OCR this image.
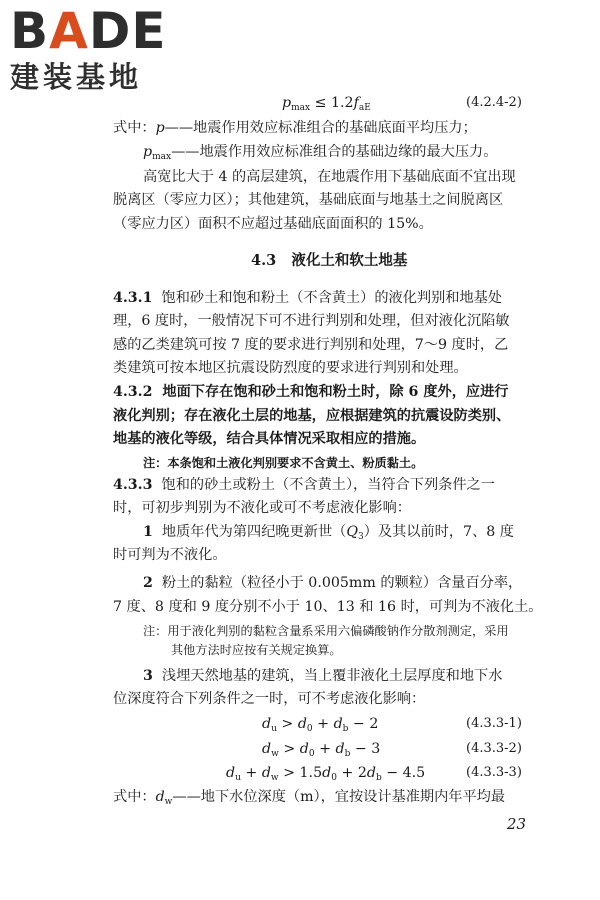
BADE
建装基地
$p_{max} \le 1.2f_{aE}$	(4.2.4-2)
式中：p——地震作用效应标准组合的基础底面平均压力；
$p_{max}——$地震作用效应标准组合的基础边缘的最大压力。
高宽比大于 4 的高层建筑，在地震作用下基础底面不宜出现
脱离区（零应力区）；其他建筑，基础底面与地基土之间脱离区
（零应力区）面积不应超过基础底面面积的 15%。
4.3 液化土和软土地基
4.3.1 饱和砂土和饱和粉土（不含黄土）的液化判别和地基处
理，6 度时，一般情况下可不进行判别和处理，但对液化沉陷敏
感的乙类建筑可按 7 度的要求进行判别和处理，7～9 度时，乙
类建筑可按本地区抗震设防烈度的要求进行判别和处理。
4.3.2 地面下存在饱和砂土和饱和粉土时，除 6 度外，应进行
液化判别；存在液化土层的地基，应根据建筑的抗震设防类别、
地基的液化等级，结合具体情况采取相应的措施。
注：本条饱和土液化判别要求不含黄土、粉质黏土。
4.3.3 饱和的砂土或粉土（不含黄土），当符合下列条件之一
时，可初步判别为不液化或可不考虑液化影响：
1 地质年代为第四纪晚更新世$(Q_3)$及其以前时，7、8 度
时可判为不液化。
2 粉土的黏粒（粒径小于 0.005mm 的颗粒）含量百分率，
7 度、8 度和 9 度分别不小于 10、13 和 16 时，可判为不液化土。
注：用于液化判别的黏粒含量系采用六偏磷酸钠作分散剂测定，采用
其他方法时应按有关规定换算。
3 浅埋天然地基的建筑，当上覆非液化土层厚度和地下水
位深度符合下列条件之一时，可不考虑液化影响：
$d_u > d_0 + d_b - 2$	(4.3.3-1)
$d_w > d_0 + d_b - 3$	(4.3.3-2)
$d_u + d_w > 1.5d_0 + 2d_b - 4.5$	(4.3.3-3)
式中：$d_w——$地下水位深度（m），宜按设计基准期内年平均最
23
